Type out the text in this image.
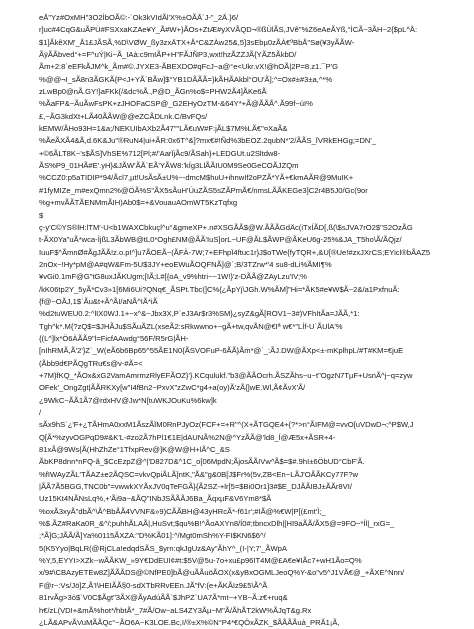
eÅ"Yz#OxMH"3O2ÌbOÃ©:-`Ok3kVIdÃl'X%±OÃÅ`J-"_2Å.}6/
r]uc#4CqG&uÃPÙ#FSXxaKZAe¥Y_Ã#W+}ÃOs+ZtÆ#yXVÃQD¬®ßÜlÃS,JVê"%Z6eAeÃYß,°ÌCÃ~3ÃH~2{$pL^Å:
$1]ÃkêXM'_Å1£JÃSÃ,%D\VØW_ßy3zxÄTX+Å*C&ZÀw25&,5]3sEbµ0zÃÀ€ºBbÅ"Sø(¥3yÃÃW-
ÃÿÃÃbved°+=F^uÝ|Ki~Ã_IAà:c9mIÃP+H"FÃJÑP3,wxt!hzÃZZJÃ{YÃZ5ÃkbD/
Ãm+2:8´eEFkÃJM^k_Ãm#©.JYXE3-ÃBEXDO#qFcJ~a@°e<Ukr.vX!@hOÃ|2P=8.z1.¯P'G
%@@¬I_sÃ8n3ÃGKÃ{P<J+YÃ´BÃw]$°YB1DÃÃÃ=}kÃHÃAkbl°OU'Ã];^=Ox#±#3±a,^*%
zLwBp0@nÃ.GY!}aFKk{/&dc%Ã.,P@D_ÃGn%o$=PHW2Ã4]ÃKe6Ã
%ÃaFP&~ÃuÃwFsPK+zJHOFaCSP@_G2EHyOzTM-&64Y*+Ã@ÃÃÃ^.Ã99f~úI%
£,~ÃG3kdXt+LÃ40ÃÃW@@eZCÃDLnk.C/BvFQs/
kEMW/ÃHo93H=1&a;/NEKUIbAXb2Ã47""LÃ€uW#F:jÃL$7M%LÃ€"¤XaÃ&
%ÃeÃXÃ4&Ã,d.6K&Ju"®RuN4|ui+ÃR:0x6T^&]?mx€#!Ñd%3bEOZ.2qubN*'2/ÃÃS_ÏVRkEHGg;=DN'_
+©6ÃLT8K~'s$ÃS]VhSE%712[Pl;#/'AarÏjÃc9/ÃSah}+LEDGUt.u2Sltdw8-
ÃS%P9_01HÃ#E'.yH}&JÃW'ÃÃ`EÃ'YÃW8:'kÍg3LlÃÃIU0M9Se0GeCOÃJZQm
%CCZ0:p5aTIDIP*94/Ãcl7,µt!UsÃsÃ±U%~-dmcM$huU+ihnwIf2oPZÃ*YÃ+€kmAÃR@9MuIK+
#1fyMIZe_m#exQmn2%@ÖÃ%S"ÃX5sÃuH'ÚuZÃS5sZÃPmÃ€/nmsLÃÃKEGe3]C2r4B5J0/Gc(9or
%g+mvÃÃTÃENMmÃIH)Ab0$=+&VouauAOmWT5KzTqfxg
$
ç-y'C©YS®lH:lTM'-U<b1WAXCbkuçl^u°&gmeXP+.n#XSGÃÃ$@W.ÃÃÃGdÄc(iTxÍÃD[,ß(\$sJVA7rO2$"S2OzÃG
t-ÃX0Ya"uÃ*wca-ÌjßL3ÃbWB@tL0*Ogh£NM@ÃÃ'IuS]orL~UF@ÃL$ÃWP@ÃKeU6g-25%&JA_T5ho\Ã/ÃQjz/
IuuF$^ÃmnØ#ÃgJÃÃ!z.o.pI^]u7ÃOEÃ~(ÃFÀ-7W;7+EFhpÏ4ftuc1r}J$oTWe{fyTQR+,&U[®Ue!#zxJXrCS;EYicl®bÃAZ5
2nOx~!Hy*pM@A#qW&Fm-5U$3JY+eoEWuÃOQFNÃ]@`;B/3TZrw*'4 su8-dLi%ÃMI¶%
¥vGi0.1mF@G"tG8uxJÃKUgm;[IÃ;L#[{oA_v9%htri~~1W!}'z-DÃÃ@ZAyLzu'IV;%
/kK06tp2Y_5yÃ*Cv3»1[6Mi6Ui?QNq€_ÃSPt.Tbc(]C%{¿ÃpYj\JGh.W%ÃM]"Hi=*ÃK5#e¥W$Ã~2&/a1PxfnuÃ:
{f@~OÃJ,1$`Ãu&t+Ã^ÃI/aNÃ^IÃ*iÃ
%d2tuWEU0.2:^lIX0WJ.1+~x^&~Jbx3X,P`eJ3Ar$r3%SM}¿syZ&gÃ[ROV1~3#)VFhItÃa=JÃÃ,*1:
Tgh^k*.M{?zQ$=$JHÃJu$SÃuÃZL(xseÃ2:sRkwwno+~gÃ+tw,qvÃN@€Iª w€*"LÍf-U`ÃUlA'%
{(L^]lx*Ö6ÀÃÃ9"l=FicfAAwdg°56F/R5rG|ÃH-
[nIhRMÃ,Ã'2'}Z`_W(eÃ6b6Bp65^55ÃE1N0{ÃSVOFuP-6ÃÃ}Ãm*@`_:ÃJ.DW@ÃXp<±-mKplhpL/#T#KM=€juE
(Ãbb9d€PÃQgTRu€s@v-#Ã=<
+7M}fKQ_*ÃOx&xG2VamAmrmzRlyEFÃOZ}'}.KCqulukf."b3@ÃÃOcrh.ÃSZÃhs~u~t"OgzN7TµF+UsnÃ^j~q=zyw
OFek'_OngZgt|ÃÃRKXy[w"I4fBn2~PxvX"zZwC*g4+a(oy)Ã'zÃ{]wE.Wl,Ã¢ÃvX'Ã/
¿9WkC~ÃÃ1Ã7@rdxHV@Jw*N[tuWKJOuKu%6kw]k
/
sÃx9hS`¿'F+¿TÃHmA0xxM1ÃszÃÏM0RnPJyOz(FCF+=+R"^(X+ÃTGQE4+{?*>n°ÃIFM@=vvO[uVDwD¬;^P$W,J
Q[Ã*%zyvOGPqD9#&K'L-#zo2Ã7hPl1€1E|dAUNÃ%2N@^YzÃÃ@'ld8_Í@Æ5x+ÃSR+4-
81xÃ@9Ws{Ã(HhZhZe°1TfxpRev@]K@W@H+lÃ^C_&S
ÃbKP8dnn*nFQ-ã_$CcEzpZ@^|'D827D&^1C_o[06MpdN;ÃjosÃÃIVw^Ã$=$#.9hI±6ÖbUD°CbF'Ã.
%fIWAyZÃL'TÃAZ±e2ÃQSC=vkvQpiÃLÃ]ntK,"Ã&"g&0B[J$Fr%(5v,ZB<En~LÃJ'OÃÃKCy77F?w
|ÃÃ7Ã5BGG,TNC0b"=vwwkXYÃxJV0qTeFGÃ}{Ã2SZ-+lr[5=$Bi0Or1]3#$E_DJÃÃIBJ±ÃÃr8VI/
Uz15Kt4NÃNsLq%,+'Ãi9a~&ÃQ"INbJSÃÃÃJ6Ba_ÃqxµF&V6Ym8*$Ã
%oxÃ3xyÃ"dbÃ^\Ã^BbÃÃ4VVNF&»9)CÃÃBH@43yHRcÃ*-f61r';#IÃ@%€W|P[(£mt'Ì;_
%$.ÃZ#RaKa0R_&^/;puhhÃLAÃ|,HuSvt;$qu%B!^ÃoAXYn8/Í0#;tbncxDlh|[HI9aÃÃ/ÃX5@=9FO~*Íl|_rxG=_
;*Ã]G;JÃÃ/Ã]Ya%0115ÃXZA:"D%KÃ01]:^/Mgt0mSh%Y-FI$KN6$6^/
5(K5Yyo|BqLR(@RjCLa!edqdSÃS_$yrn:qkJgUz&Ay"ÃhY^_(I-|Y;7'_ÃWpA
%Y,5,EYYI>XZk--wÃÃKW_»9Y€DdEUI¢#t:$5V@5u-7o+xu£p96IT4M@£A€e¥IÃc7+wH1Ão=Q%
x/9#\CBAzyETEw8Z]ÃÃÃDS@©NfPE0]bÃ@uÃÃuöÃOX(x&yBxOGMLJeoQ%Y-&o"v5^J1VÃ€@_+ÃXE^Nnn/
F@r~:Vs/Jö]Z,Ã'I\HEIÃÃ§0-sdXTbRRvEEn.JÃ"fV:{e+ÃKÃIz9£5\Ã^Ã
81rvÃg>3ò$`V0C$Ãgt"3ÃX@ÃyAdúÃÃ`$JhPZ`UA7Ã*mt~+YB~Ã.z€+ruq&
h€/zL(VDI+&mÃ%hot*/hbtÃ*_7#Ã/Ow~aLS4ZY3Ãµ~M"Ã/ÃhÃT2kW%ÃJqT&g.Rx
¿LÃ&APvÃVuMÃÃQc°~ÃO6A~K3LOE.Bc,I/®±X%©N°P4*€QÖxÃZK_$ÃÃÃÃuà_PRÃ1¡Ã,
